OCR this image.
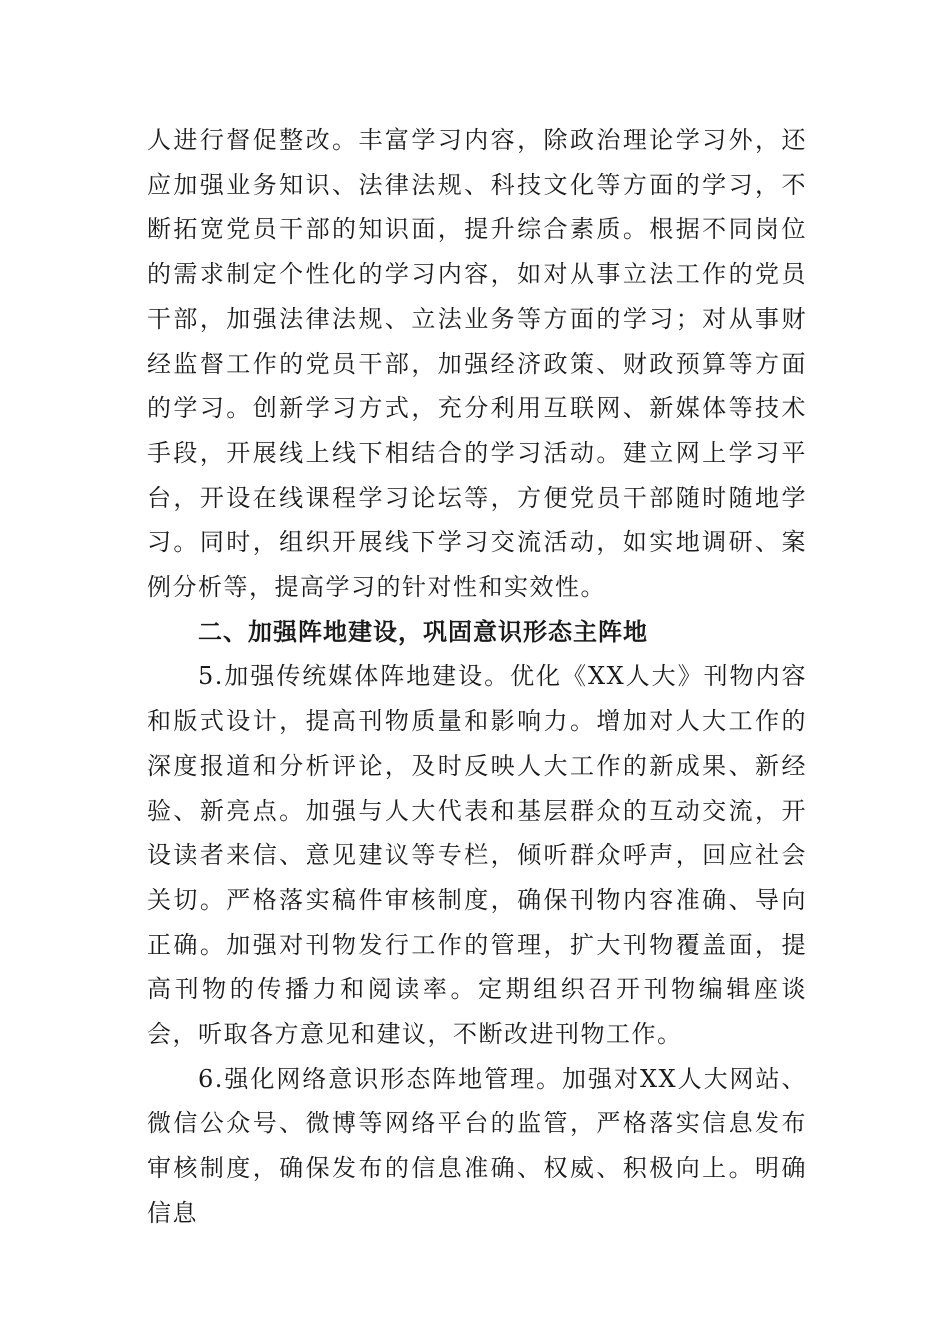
人进行督促整改。丰富学习内容，除政治理论学习外，还应加强业务知识、法律法规、科技文化等方面的学习，不断拓宽党员干部的知识面，提升综合素质。根据不同岗位的需求制定个性化的学习内容，如对从事立法工作的党员干部，加强法律法规、立法业务等方面的学习；对从事财经监督工作的党员干部，加强经济政策、财政预算等方面的学习。创新学习方式，充分利用互联网、新媒体等技术手段，开展线上线下相结合的学习活动。建立网上学习平台，开设在线课程学习论坛等，方便党员干部随时随地学习。同时，组织开展线下学习交流活动，如实地调研、案例分析等，提高学习的针对性和实效性。

二、加强阵地建设，巩固意识形态主阵地

5.加强传统媒体阵地建设。优化《XX人大》刊物内容和版式设计，提高刊物质量和影响力。增加对人大工作的深度报道和分析评论，及时反映人大工作的新成果、新经验、新亮点。加强与人大代表和基层群众的互动交流，开设读者来信、意见建议等专栏，倾听群众呼声，回应社会关切。严格落实稿件审核制度，确保刊物内容准确、导向正确。加强对刊物发行工作的管理，扩大刊物覆盖面，提高刊物的传播力和阅读率。定期组织召开刊物编辑座谈会，听取各方意见和建议，不断改进刊物工作。

6.强化网络意识形态阵地管理。加强对XX人大网站、微信公众号、微博等网络平台的监管，严格落实信息发布审核制度，确保发布的信息准确、权威、积极向上。明确信息
